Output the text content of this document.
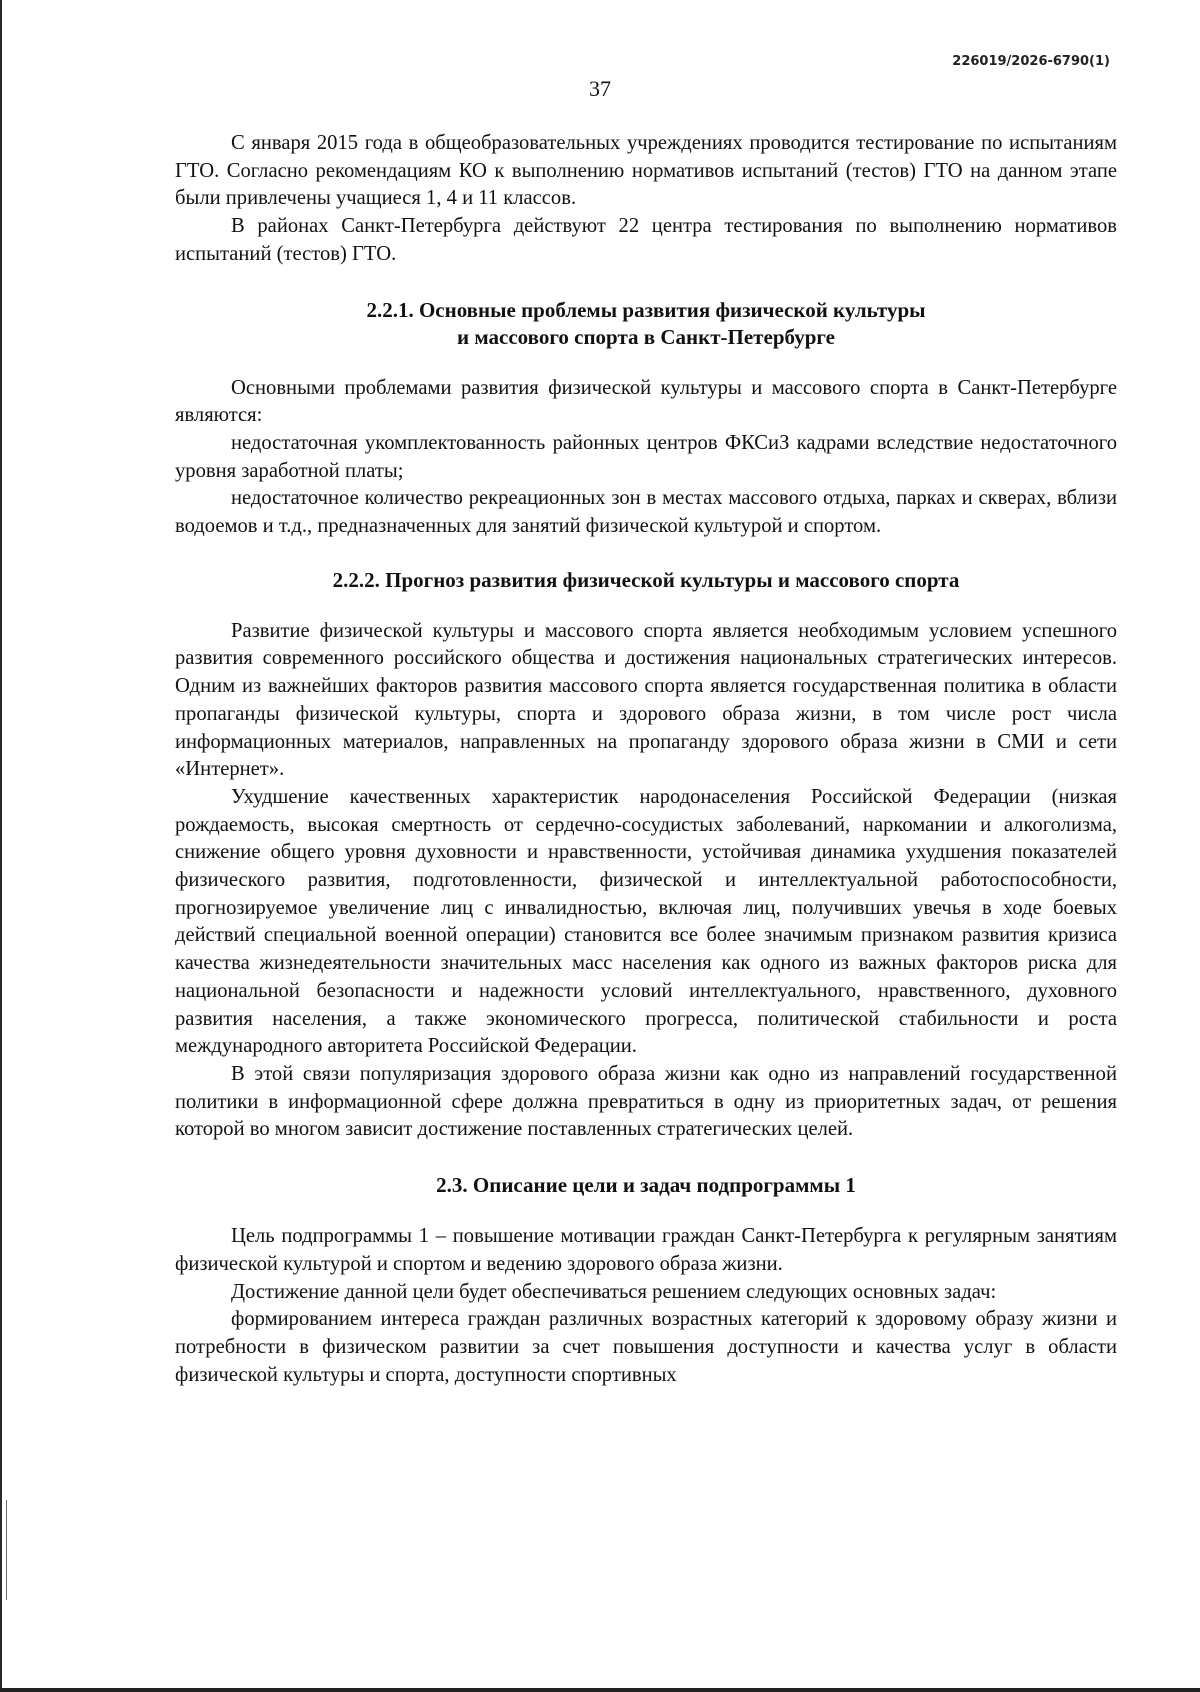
226019/2026-6790(1)
37

С января 2015 года в общеобразовательных учреждениях проводится тестирование по испытаниям ГТО. Согласно рекомендациям КО к выполнению нормативов испытаний (тестов) ГТО на данном этапе были привлечены учащиеся 1, 4 и 11 классов.

В районах Санкт-Петербурга действуют 22 центра тестирования по выполнению нормативов испытаний (тестов) ГТО.

2.2.1. Основные проблемы развития физической культуры
и массового спорта в Санкт-Петербурге

Основными проблемами развития физической культуры и массового спорта в Санкт-Петербурге являются:

недостаточная укомплектованность районных центров ФКСиЗ кадрами вследствие недостаточного уровня заработной платы;

недостаточное количество рекреационных зон в местах массового отдыха, парках и скверах, вблизи водоемов и т.д., предназначенных для занятий физической культурой и спортом.

2.2.2. Прогноз развития физической культуры и массового спорта

Развитие физической культуры и массового спорта является необходимым условием успешного развития современного российского общества и достижения национальных стратегических интересов. Одним из важнейших факторов развития массового спорта является государственная политика в области пропаганды физической культуры, спорта и здорового образа жизни, в том числе рост числа информационных материалов, направленных на пропаганду здорового образа жизни в СМИ и сети «Интернет».

Ухудшение качественных характеристик народонаселения Российской Федерации (низкая рождаемость, высокая смертность от сердечно-сосудистых заболеваний, наркомании и алкоголизма, снижение общего уровня духовности и нравственности, устойчивая динамика ухудшения показателей физического развития, подготовленности, физической и интеллектуальной работоспособности, прогнозируемое увеличение лиц с инвалидностью, включая лиц, получивших увечья в ходе боевых действий специальной военной операции) становится все более значимым признаком развития кризиса качества жизнедеятельности значительных масс населения как одного из важных факторов риска для национальной безопасности и надежности условий интеллектуального, нравственного, духовного развития населения, а также экономического прогресса, политической стабильности и роста международного авторитета Российской Федерации.

В этой связи популяризация здорового образа жизни как одно из направлений государственной политики в информационной сфере должна превратиться в одну из приоритетных задач, от решения которой во многом зависит достижение поставленных стратегических целей.

2.3. Описание цели и задач подпрограммы 1

Цель подпрограммы 1 – повышение мотивации граждан Санкт-Петербурга к регулярным занятиям физической культурой и спортом и ведению здорового образа жизни.

Достижение данной цели будет обеспечиваться решением следующих основных задач:

формированием интереса граждан различных возрастных категорий к здоровому образу жизни и потребности в физическом развитии за счет повышения доступности и качества услуг в области физической культуры и спорта, доступности спортивных
